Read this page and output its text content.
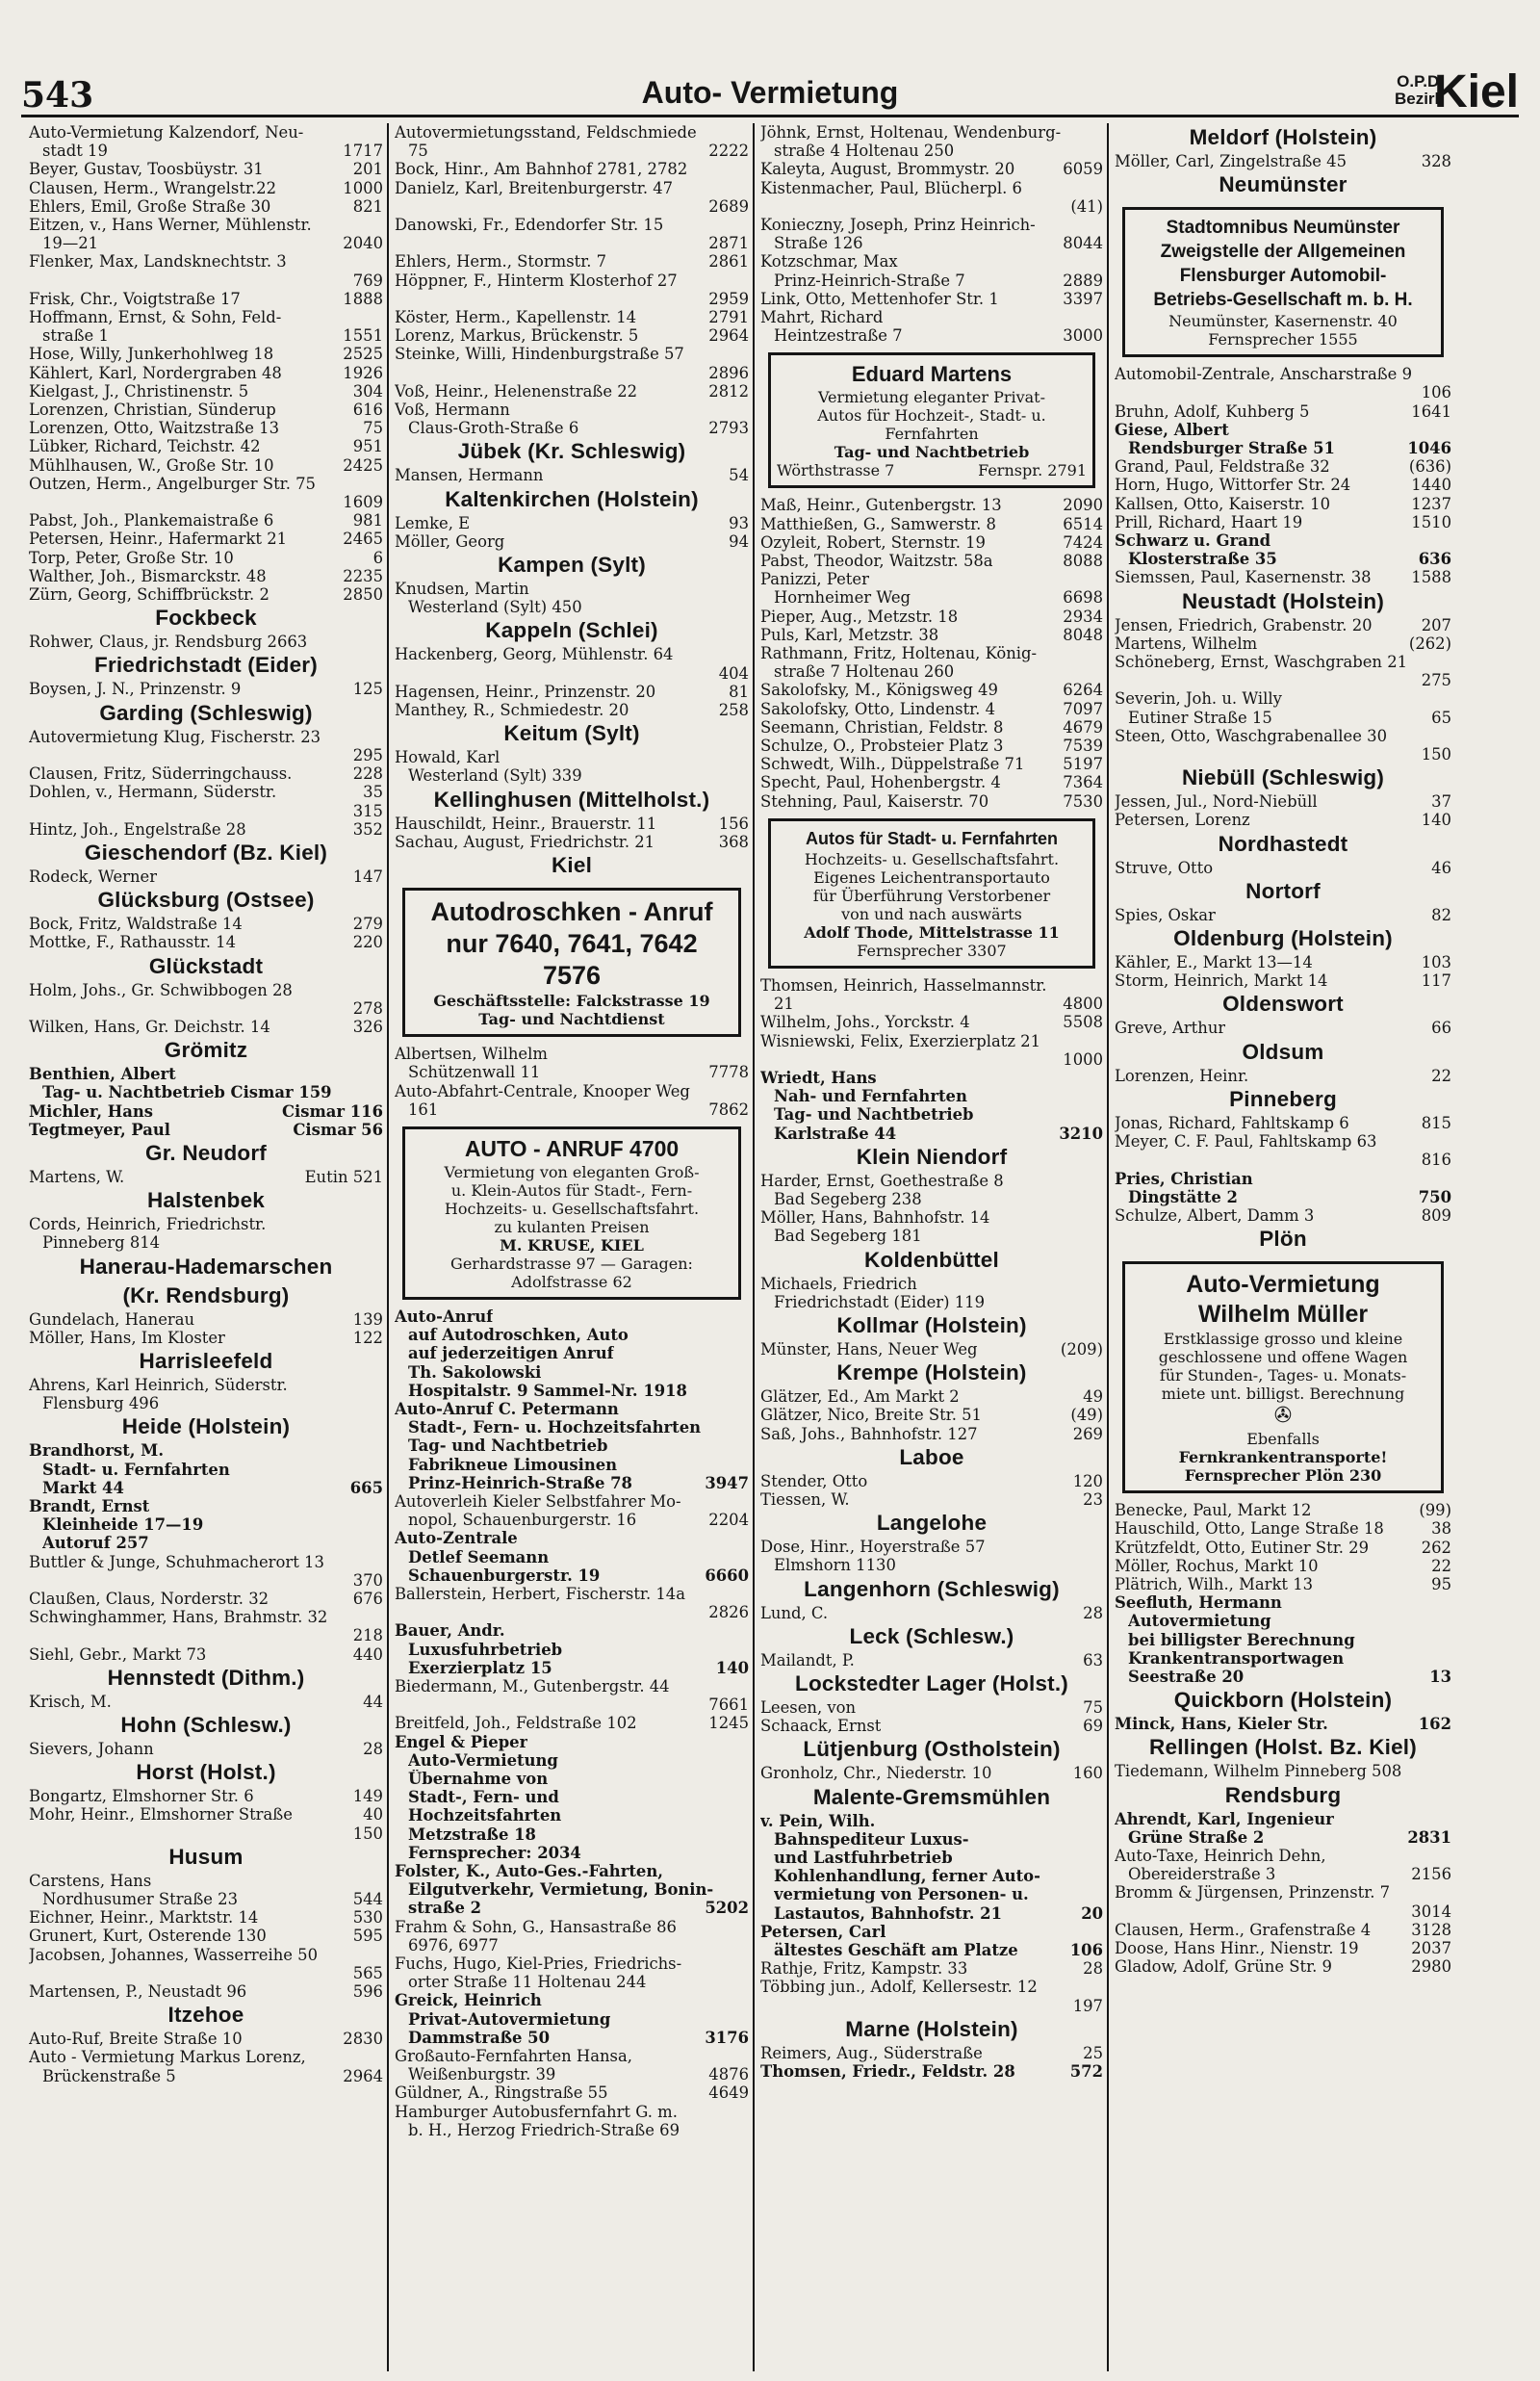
543	Auto- Vermietung	O.P.D.
Bezirk
Kiel
Auto-Vermietung Kalzendorf, Neu-
stadt 19	1717
Beyer, Gustav, Toosbüystr. 31	201
Clausen, Herm., Wrangelstr.22	1000
Ehlers, Emil, Große Straße 30	821
Eitzen, v., Hans Werner, Mühlenstr.
19—21	2040
Flenker, Max, Landsknechtstr. 3
769
Frisk, Chr., Voigtstraße 17	1888
Hoffmann, Ernst, & Sohn, Feld-
straße 1	1551
Hose, Willy, Junkerhohlweg 18	2525
Kählert, Karl, Nordergraben 48	1926
Kielgast, J., Christinenstr. 5	304
Lorenzen, Christian, Sünderup	616
Lorenzen, Otto, Waitzstraße 13	75
Lübker, Richard, Teichstr. 42	951
Mühlhausen, W., Große Str. 10	2425
Outzen, Herm., Angelburger Str. 75
1609
Pabst, Joh., Plankemaistraße 6	981
Petersen, Heinr., Hafermarkt 21	2465
Torp, Peter, Große Str. 10	6
Walther, Joh., Bismarckstr. 48	2235
Zürn, Georg, Schiffbrückstr. 2	2850
Fockbeck
Rohwer, Claus, jr. Rendsburg 2663
Friedrichstadt (Eider)
Boysen, J. N., Prinzenstr. 9	125
Garding (Schleswig)
Autovermietung Klug, Fischerstr. 23
295
Clausen, Fritz, Süderringchauss.	228
Dohlen, v., Hermann, Süderstr.	35
315
Hintz, Joh., Engelstraße 28	352
Gieschendorf (Bz. Kiel)
Rodeck, Werner	147
Glücksburg (Ostsee)
Bock, Fritz, Waldstraße 14	279
Mottke, F., Rathausstr. 14	220
Glückstadt
Holm, Johs., Gr. Schwibbogen 28
278
Wilken, Hans, Gr. Deichstr. 14	326
Grömitz
Benthien, Albert
Tag- u. Nachtbetrieb Cismar 159
Michler, Hans	Cismar 116
Tegtmeyer, Paul	Cismar 56
Gr. Neudorf
Martens, W.	Eutin 521
Halstenbek
Cords, Heinrich, Friedrichstr.
Pinneberg 814
Hanerau-Hademarschen
(Kr. Rendsburg)
Gundelach, Hanerau	139
Möller, Hans, Im Kloster	122
Harrisleefeld
Ahrens, Karl Heinrich, Süderstr.
Flensburg 496
Heide (Holstein)
Brandhorst, M.
Stadt- u. Fernfahrten
Markt 44	665
Brandt, Ernst
Kleinheide 17—19
Autoruf 257
Buttler & Junge, Schuhmacherort 13
370
Claußen, Claus, Norderstr. 32	676
Schwinghammer, Hans, Brahmstr. 32
218
Siehl, Gebr., Markt 73	440
Hennstedt (Dithm.)
Krisch, M.	44
Hohn (Schlesw.)
Sievers, Johann	28
Horst (Holst.)
Bongartz, Elmshorner Str. 6	149
Mohr, Heinr., Elmshorner Straße	40
150
Husum
Carstens, Hans
Nordhusumer Straße 23	544
Eichner, Heinr., Marktstr. 14	530
Grunert, Kurt, Osterende 130	595
Jacobsen, Johannes, Wasserreihe 50
565
Martensen, P., Neustadt 96	596
Itzehoe
Auto-Ruf, Breite Straße 10	2830
Auto - Vermietung Markus Lorenz,
Brückenstraße 5	2964
Autovermietungsstand, Feldschmiede
75	2222
Bock, Hinr., Am Bahnhof 2781, 2782
Danielz, Karl, Breitenburgerstr. 47
2689
Danowski, Fr., Edendorfer Str. 15
2871
Ehlers, Herm., Stormstr. 7	2861
Höppner, F., Hinterm Klosterhof 27
2959
Köster, Herm., Kapellenstr. 14	2791
Lorenz, Markus, Brückenstr. 5	2964
Steinke, Willi, Hindenburgstraße 57
2896
Voß, Heinr., Helenenstraße 22	2812
Voß, Hermann
Claus-Groth-Straße 6	2793
Jübek (Kr. Schleswig)
Mansen, Hermann	54
Kaltenkirchen (Holstein)
Lemke, E	93
Möller, Georg	94
Kampen (Sylt)
Knudsen, Martin
Westerland (Sylt) 450
Kappeln (Schlei)
Hackenberg, Georg, Mühlenstr. 64
404
Hagensen, Heinr., Prinzenstr. 20	81
Manthey, R., Schmiedestr. 20	258
Keitum (Sylt)
Howald, Karl
Westerland (Sylt) 339
Kellinghusen (Mittelholst.)
Hauschildt, Heinr., Brauerstr. 11	156
Sachau, August, Friedrichstr. 21	368
Kiel
Autodroschken - Anruf
nur 7640, 7641, 7642
7576
Geschäftsstelle: Falckstrasse 19
Tag- und Nachtdienst
Albertsen, Wilhelm
Schützenwall 11	7778
Auto-Abfahrt-Centrale, Knooper Weg
161	7862
AUTO - ANRUF 4700
Vermietung von eleganten Groß-
u. Klein-Autos für Stadt-, Fern-
Hochzeits- u. Gesellschaftsfahrt.
zu kulanten Preisen
M. KRUSE, KIEL
Gerhardstrasse 97 — Garagen:
Adolfstrasse 62
Auto-Anruf
auf Autodroschken, Auto
auf jederzeitigen Anruf
Th. Sakolowski
Hospitalstr. 9 Sammel-Nr. 1918
Auto-Anruf C. Petermann
Stadt-, Fern- u. Hochzeitsfahrten
Tag- und Nachtbetrieb
Fabrikneue Limousinen
Prinz-Heinrich-Straße 78	3947
Autoverleih Kieler Selbstfahrer Mo-
nopol, Schauenburgerstr. 16	2204
Auto-Zentrale
Detlef Seemann
Schauenburgerstr. 19	6660
Ballerstein, Herbert, Fischerstr. 14a
2826
Bauer, Andr.
Luxusfuhrbetrieb
Exerzierplatz 15	140
Biedermann, M., Gutenbergstr. 44
7661
Breitfeld, Joh., Feldstraße 102	1245
Engel & Pieper
Auto-Vermietung
Übernahme von
Stadt-, Fern- und
Hochzeitsfahrten
Metzstraße 18
Fernsprecher: 2034
Folster, K., Auto-Ges.-Fahrten,
Eilgutverkehr, Vermietung, Bonin-
straße 2	5202
Frahm & Sohn, G., Hansastraße 86
6976, 6977
Fuchs, Hugo, Kiel-Pries, Friedrichs-
orter Straße 11 Holtenau 244
Greick, Heinrich
Privat-Autovermietung
Dammstraße 50	3176
Großauto-Fernfahrten Hansa,
Weißenburgstr. 39	4876
Güldner, A., Ringstraße 55	4649
Hamburger Autobusfernfahrt G. m.
b. H., Herzog Friedrich-Straße 69
Jöhnk, Ernst, Holtenau, Wendenburg-
straße 4 Holtenau 250
Kaleyta, August, Brommystr. 20	6059
Kistenmacher, Paul, Blücherpl. 6
(41)
Konieczny, Joseph, Prinz Heinrich-
Straße 126	8044
Kotzschmar, Max
Prinz-Heinrich-Straße 7	2889
Link, Otto, Mettenhofer Str. 1	3397
Mahrt, Richard
Heintzestraße 7	3000
Eduard Martens
Vermietung eleganter Privat-
Autos für Hochzeit-, Stadt- u.
Fernfahrten
Tag- und Nachtbetrieb
Wörthstrasse 7	Fernspr. 2791
Maß, Heinr., Gutenbergstr. 13	2090
Matthießen, G., Samwerstr. 8	6514
Ozyleit, Robert, Sternstr. 19	7424
Pabst, Theodor, Waitzstr. 58a	8088
Panizzi, Peter
Hornheimer Weg	6698
Pieper, Aug., Metzstr. 18	2934
Puls, Karl, Metzstr. 38	8048
Rathmann, Fritz, Holtenau, König-
straße 7 Holtenau 260
Sakolofsky, M., Königsweg 49	6264
Sakolofsky, Otto, Lindenstr. 4	7097
Seemann, Christian, Feldstr. 8	4679
Schulze, O., Probsteier Platz 3	7539
Schwedt, Wilh., Düppelstraße 71 5197
Specht, Paul, Hohenbergstr. 4	7364
Stehning, Paul, Kaiserstr. 70	7530
Autos für Stadt- u. Fernfahrten
Hochzeits- u. Gesellschaftsfahrt.
Eigenes Leichentransportauto
für Überführung Verstorbener
von und nach auswärts
Adolf Thode, Mittelstrasse 11
Fernsprecher 3307
Thomsen, Heinrich, Hasselmannstr.
21	4800
Wilhelm, Johs., Yorckstr. 4	5508
Wisniewski, Felix, Exerzierplatz 21
1000
Wriedt, Hans
Nah- und Fernfahrten
Tag- und Nachtbetrieb
Karlstraße 44	3210
Klein Niendorf
Harder, Ernst, Goethestraße 8
Bad Segeberg 238
Möller, Hans, Bahnhofstr. 14
Bad Segeberg 181
Koldenbüttel
Michaels, Friedrich
Friedrichstadt (Eider) 119
Kollmar (Holstein)
Münster, Hans, Neuer Weg	(209)
Krempe (Holstein)
Glätzer, Ed., Am Markt 2	49
Glätzer, Nico, Breite Str. 51	(49)
Saß, Johs., Bahnhofstr. 127	269
Laboe
Stender, Otto	120
Tiessen, W.	23
Langelohe
Dose, Hinr., Hoyerstraße 57
Elmshorn 1130
Langenhorn (Schleswig)
Lund, C.	28
Leck (Schlesw.)
Mailandt, P.	63
Lockstedter Lager (Holst.)
Leesen, von	75
Schaack, Ernst	69
Lütjenburg (Ostholstein)
Gronholz, Chr., Niederstr. 10	160
Malente-Gremsmühlen
v. Pein, Wilh.
Bahnspediteur Luxus-
und Lastfuhrbetrieb
Kohlenhandlung, ferner Auto-
vermietung von Personen- u.
Lastautos, Bahnhofstr. 21	20
Petersen, Carl
ältestes Geschäft am Platze	106
Rathje, Fritz, Kampstr. 33	28
Többing jun., Adolf, Kellersestr. 12
197
Marne (Holstein)
Reimers, Aug., Süderstraße	25
Thomsen, Friedr., Feldstr. 28	572
Meldorf (Holstein)
Möller, Carl, Zingelstraße 45	328
Neumünster
Stadtomnibus Neumünster
Zweigstelle der Allgemeinen
Flensburger Automobil-
Betriebs-Gesellschaft m. b. H.
Neumünster, Kasernenstr. 40
Fernsprecher 1555
Automobil-Zentrale, Anscharstraße 9
106
Bruhn, Adolf, Kuhberg 5	1641
Giese, Albert
Rendsburger Straße 51	1046
Grand, Paul, Feldstraße 32	(636)
Horn, Hugo, Wittorfer Str. 24	1440
Kallsen, Otto, Kaiserstr. 10	1237
Prill, Richard, Haart 19	1510
Schwarz u. Grand
Klosterstraße 35	636
Siemssen, Paul, Kasernenstr. 38	1588
Neustadt (Holstein)
Jensen, Friedrich, Grabenstr. 20	207
Martens, Wilhelm	(262)
Schöneberg, Ernst, Waschgraben 21
275
Severin, Joh. u. Willy
Eutiner Straße 15	65
Steen, Otto, Waschgrabenallee 30
150
Niebüll (Schleswig)
Jessen, Jul., Nord-Niebüll	37
Petersen, Lorenz	140
Nordhastedt
Struve, Otto	46
Nortorf
Spies, Oskar	82
Oldenburg (Holstein)
Kähler, E., Markt 13—14	103
Storm, Heinrich, Markt 14	117
Oldenswort
Greve, Arthur	66
Oldsum
Lorenzen, Heinr.	22
Pinneberg
Jonas, Richard, Fahltskamp 6	815
Meyer, C. F. Paul, Fahltskamp 63
816
Pries, Christian
Dingstätte 2	750
Schulze, Albert, Damm 3	809
Plön
Auto-Vermietung
Wilhelm Müller
Erstklassige grosso und kleine
geschlossene und offene Wagen
für Stunden-, Tages- u. Monats-
miete unt. billigst. Berechnung
✇
Ebenfalls
Fernkrankentransporte!
Fernsprecher Plön 230
Benecke, Paul, Markt 12	(99)
Hauschild, Otto, Lange Straße 18	38
Krützfeldt, Otto, Eutiner Str. 29	262
Möller, Rochus, Markt 10	22
Plätrich, Wilh., Markt 13	95
Seefluth, Hermann
Autovermietung
bei billigster Berechnung
Krankentransportwagen
Seestraße 20	13
Quickborn (Holstein)
Minck, Hans, Kieler Str.	162
Rellingen (Holst. Bz. Kiel)
Tiedemann, Wilhelm Pinneberg 508
Rendsburg
Ahrendt, Karl, Ingenieur
Grüne Straße 2	2831
Auto-Taxe, Heinrich Dehn,
Obereiderstraße 3	2156
Bromm & Jürgensen, Prinzenstr. 7
3014
Clausen, Herm., Grafenstraße 4	3128
Doose, Hans Hinr., Nienstr. 19	2037
Gladow, Adolf, Grüne Str. 9	2980
